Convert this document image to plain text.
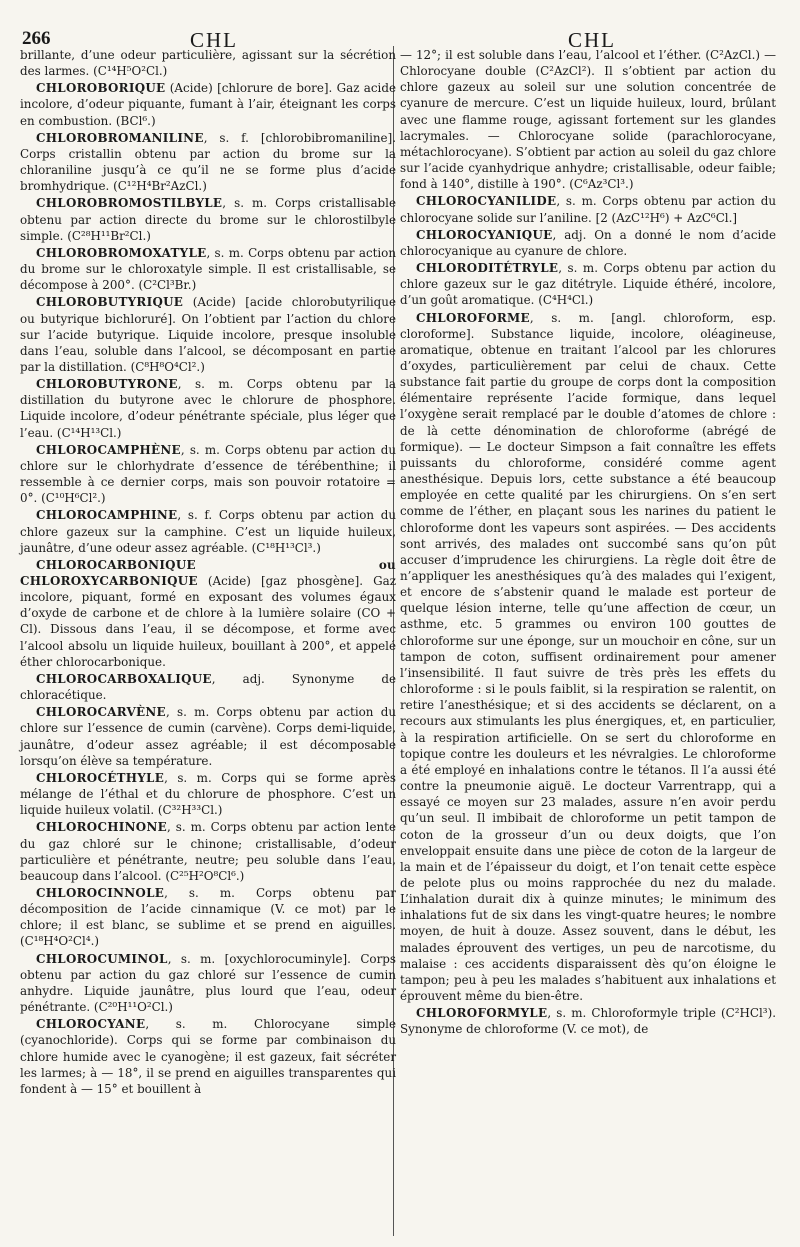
266	CHL	CHL

brillante, d’une odeur particulière, agissant sur la sécrétion des larmes. (C¹⁴H⁵O²Cl.)

CHLOROBORIQUE (Acide) [chlorure de bore]. Gaz acide incolore, d’odeur piquante, fumant à l’air, éteignant les corps en combustion. (BCl⁶.)

CHLOROBROMANILINE, s. f. [chlorobibromaniline]. Corps cristallin obtenu par action du brome sur la chloraniline jusqu’à ce qu’il ne se forme plus d’acide bromhydrique. (C¹²H⁴Br²AzCl.)

CHLOROBROMOSTILBYLE, s. m. Corps cristallisable obtenu par action directe du brome sur le chlorostilbyle simple. (C²⁸H¹¹Br²Cl.)

CHLOROBROMOXATYLE, s. m. Corps obtenu par action du brome sur le chloroxatyle simple. Il est cristallisable, se décompose à 200°. (C²Cl³Br.)

CHLOROBUTYRIQUE (Acide) [acide chlorobutyrilique ou butyrique bichloruré]. On l’obtient par l’action du chlore sur l’acide butyrique. Liquide incolore, presque insoluble dans l’eau, soluble dans l’alcool, se décomposant en partie par la distillation. (C⁸H⁸O⁴Cl².)

CHLOROBUTYRONE, s. m. Corps obtenu par la distillation du butyrone avec le chlorure de phosphore. Liquide incolore, d’odeur pénétrante spéciale, plus léger que l’eau. (C¹⁴H¹³Cl.)

CHLOROCAMPHÈNE, s. m. Corps obtenu par action du chlore sur le chlorhydrate d’essence de térébenthine; il ressemble à ce dernier corps, mais son pouvoir rotatoire = 0°. (C¹⁰H⁶Cl².)

CHLOROCAMPHINE, s. f. Corps obtenu par action du chlore gazeux sur la camphine. C’est un liquide huileux, jaunâtre, d’une odeur assez agréable. (C¹⁸H¹³Cl³.)

CHLOROCARBONIQUE ou CHLOROXYCARBONIQUE (Acide) [gaz phosgène]. Gaz incolore, piquant, formé en exposant des volumes égaux d’oxyde de carbone et de chlore à la lumière solaire (CO + Cl). Dissous dans l’eau, il se décompose, et forme avec l’alcool absolu un liquide huileux, bouillant à 200°, et appelé éther chlorocarbonique.

CHLOROCARBOXALIQUE, adj. Synonyme de chloracétique.

CHLOROCARVÈNE, s. m. Corps obtenu par action du chlore sur l’essence de cumin (carvène). Corps demi-liquide, jaunâtre, d’odeur assez agréable; il est décomposable lorsqu’on élève sa température.

CHLOROCÉTHYLE, s. m. Corps qui se forme après mélange de l’éthal et du chlorure de phosphore. C’est un liquide huileux volatil. (C³²H³³Cl.)

CHLOROCHINONE, s. m. Corps obtenu par action lente du gaz chloré sur le chinone; cristallisable, d’odeur particulière et pénétrante, neutre; peu soluble dans l’eau, beaucoup dans l’alcool. (C²⁵H²O⁸Cl⁶.)

CHLOROCINNOLE, s. m. Corps obtenu par décomposition de l’acide cinnamique (V. ce mot) par le chlore; il est blanc, se sublime et se prend en aiguilles. (C¹⁸H⁴O²Cl⁴.)

CHLOROCUMINOL, s. m. [oxychlorocuminyle]. Corps obtenu par action du gaz chloré sur l’essence de cumin anhydre. Liquide jaunâtre, plus lourd que l’eau, odeur pénétrante. (C²⁰H¹¹O²Cl.)

CHLOROCYANE, s. m. Chlorocyane simple (cyanochloride). Corps qui se forme par combinaison du chlore humide avec le cyanogène; il est gazeux, fait sécréter les larmes; à — 18°, il se prend en aiguilles transparentes qui fondent à — 15° et bouillent à

— 12°; il est soluble dans l’eau, l’alcool et l’éther. (C²AzCl.) — Chlorocyane double (C²AzCl²). Il s’obtient par action du chlore gazeux au soleil sur une solution concentrée de cyanure de mercure. C’est un liquide huileux, lourd, brûlant avec une flamme rouge, agissant fortement sur les glandes lacrymales. — Chlorocyane solide (parachlorocyane, métachlorocyane). S’obtient par action au soleil du gaz chlore sur l’acide cyanhydrique anhydre; cristallisable, odeur faible; fond à 140°, distille à 190°. (C⁶Az³Cl³.)

CHLOROCYANILIDE, s. m. Corps obtenu par action du chlorocyane solide sur l’aniline. [2 (AzC¹²H⁶) + AzC⁶Cl.]

CHLOROCYANIQUE, adj. On a donné le nom d’acide chlorocyanique au cyanure de chlore.

CHLORODITÉTRYLE, s. m. Corps obtenu par action du chlore gazeux sur le gaz ditétryle. Liquide éthéré, incolore, d’un goût aromatique. (C⁴H⁴Cl.)

CHLOROFORME, s. m. [angl. chloroform, esp. cloroforme]. Substance liquide, incolore, oléagineuse, aromatique, obtenue en traitant l’alcool par les chlorures d’oxydes, particulièrement par celui de chaux. Cette substance fait partie du groupe de corps dont la composition élémentaire représente l’acide formique, dans lequel l’oxygène serait remplacé par le double d’atomes de chlore : de là cette dénomination de chloroforme (abrégé de formique). — Le docteur Simpson a fait connaître les effets puissants du chloroforme, considéré comme agent anesthésique. Depuis lors, cette substance a été beaucoup employée en cette qualité par les chirurgiens. On s’en sert comme de l’éther, en plaçant sous les narines du patient le chloroforme dont les vapeurs sont aspirées. — Des accidents sont arrivés, des malades ont succombé sans qu’on pût accuser d’imprudence les chirurgiens. La règle doit être de n’appliquer les anesthésiques qu’à des malades qui l’exigent, et encore de s’abstenir quand le malade est porteur de quelque lésion interne, telle qu’une affection de cœur, un asthme, etc. 5 grammes ou environ 100 gouttes de chloroforme sur une éponge, sur un mouchoir en cône, sur un tampon de coton, suffisent ordinairement pour amener l’insensibilité. Il faut suivre de très près les effets du chloroforme : si le pouls faiblit, si la respiration se ralentit, on retire l’anesthésique; et si des accidents se déclarent, on a recours aux stimulants les plus énergiques, et, en particulier, à la respiration artificielle. On se sert du chloroforme en topique contre les douleurs et les névralgies. Le chloroforme a été employé en inhalations contre le tétanos. Il l’a aussi été contre la pneumonie aiguë. Le docteur Varrentrapp, qui a essayé ce moyen sur 23 malades, assure n’en avoir perdu qu’un seul. Il imbibait de chloroforme un petit tampon de coton de la grosseur d’un ou deux doigts, que l’on enveloppait ensuite dans une pièce de coton de la largeur de la main et de l’épaisseur du doigt, et l’on tenait cette espèce de pelote plus ou moins rapprochée du nez du malade. L’inhalation durait dix à quinze minutes; le minimum des inhalations fut de six dans les vingt-quatre heures; le nombre moyen, de huit à douze. Assez souvent, dans le début, les malades éprouvent des vertiges, un peu de narcotisme, du malaise : ces accidents disparaissent dès qu’on éloigne le tampon; peu à peu les malades s’habituent aux inhalations et éprouvent même du bien-être.

CHLOROFORMYLE, s. m. Chloroformyle triple (C²HCl³). Synonyme de chloroforme (V. ce mot), de
